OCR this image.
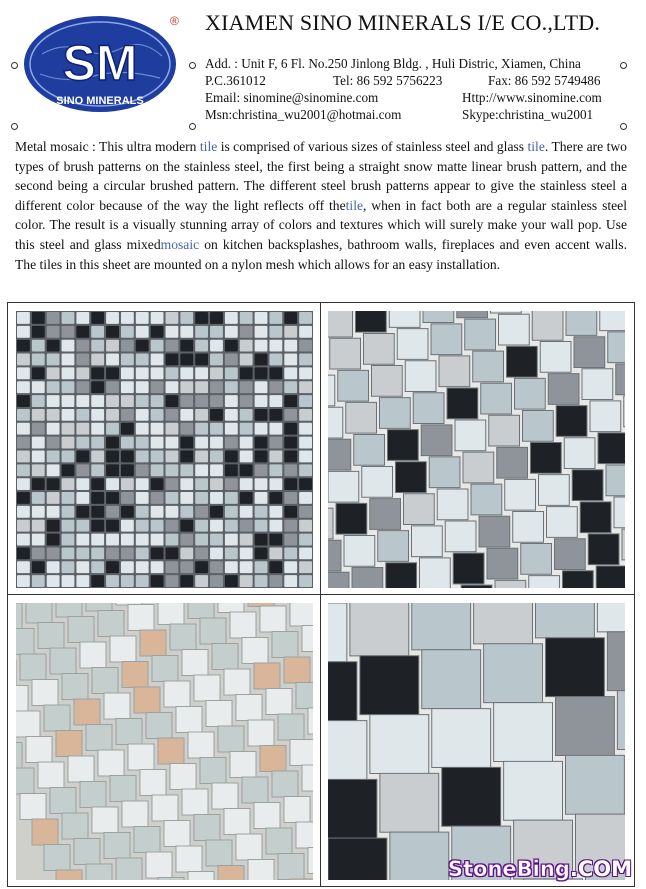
SM
SINO MINERALS
® XIAMEN SINO MINERALS I/E CO.,LTD.
Add. : Unit F, 6 Fl. No.250 Jinlong Bldg. , Huli Distric, Xiamen, China
P.C.361012	Tel: 86 592 5756223	Fax: 86 592 5749486
Email: sinomine@sinomine.com	Http://www.sinomine.com
Msn:christina_wu2001@hotmai.com	Skype:christina_wu2001
Metal mosaic : This ultra modern tile is comprised of various sizes of stainless steel and glass tile. There are two types of brush patterns on the stainless steel, the first being a straight snow matte linear brush pattern, and the second being a circular brushed pattern. The different steel brush patterns appear to give the stainless steel a different color because of the way the light reflects off thetile, when in fact both are a regular stainless steel color. The result is a visually stunning array of colors and textures which will surely make your wall pop. Use this steel and glass mixedmosaic on kitchen backsplashes, bathroom walls, fireplaces and even accent walls. The tiles in this sheet are mounted on a nylon mesh which allows for an easy installation.
StoneBing.COM
